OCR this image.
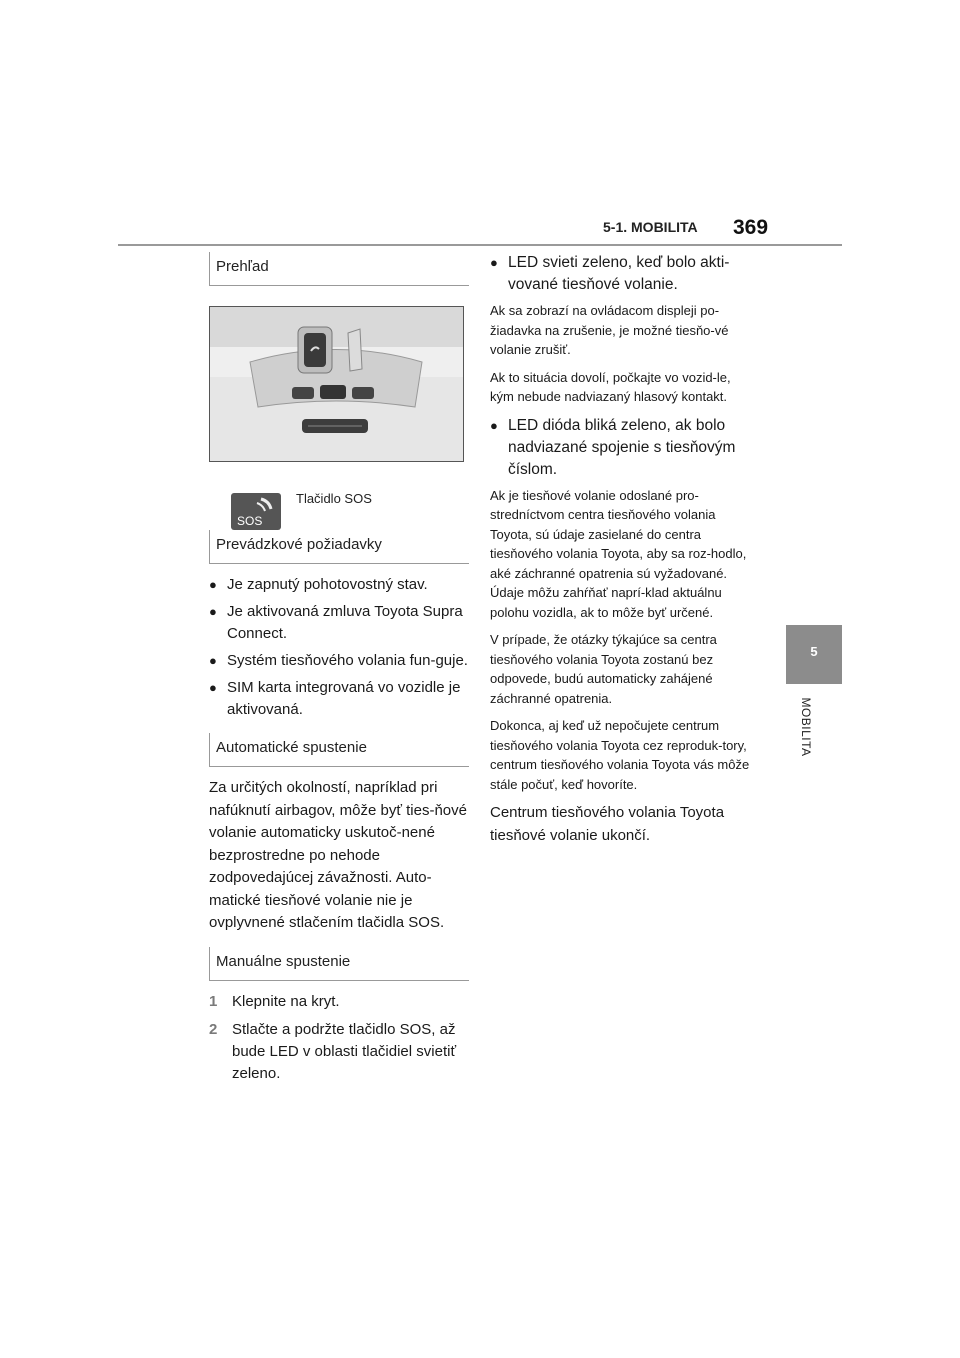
5-1. MOBILITA 369
5
MOBILITA
Prehľad
SOS
Tlačidlo SOS
Prevádzkové požiadavky
● Je zapnutý pohotovostný stav.
● Je aktivovaná zmluva Toyota Supra Connect.
● Systém tiesňového volania fun-guje.
● SIM karta integrovaná vo vozidle je aktivovaná.
Automatické spustenie

Za určitých okolností, napríklad pri nafúknutí airbagov, môže byť ties-ňové volanie automaticky uskutoč-nené bezprostredne po nehode zodpovedajúcej závažnosti. Auto-matické tiesňové volanie nie je ovplyvnené stlačením tlačidla SOS.

Manuálne spustenie
1 Klepnite na kryt.
2 Stlačte a podržte tlačidlo SOS, až bude LED v oblasti tlačidiel svietiť zeleno.
● LED svieti zeleno, keď bolo akti-vované tiesňové volanie.

Ak sa zobrazí na ovládacom displeji po-žiadavka na zrušenie, je možné tiesňo-vé volanie zrušiť.

Ak to situácia dovolí, počkajte vo vozid-le, kým nebude nadviazaný hlasový kontakt.

● LED dióda bliká zeleno, ak bolo nadviazané spojenie s tiesňovým číslom.

Ak je tiesňové volanie odoslané pro-stredníctvom centra tiesňového volania Toyota, sú údaje zasielané do centra tiesňového volania Toyota, aby sa roz-hodlo, aké záchranné opatrenia sú vyžadované. Údaje môžu zahŕňať naprí-klad aktuálnu polohu vozidla, ak to môže byť určené.

V prípade, že otázky týkajúce sa centra tiesňového volania Toyota zostanú bez odpovede, budú automaticky zahájené záchranné opatrenia.

Dokonca, aj keď už nepočujete centrum tiesňového volania Toyota cez reproduk-tory, centrum tiesňového volania Toyota vás môže stále počuť, keď hovoríte.

Centrum tiesňového volania Toyota tiesňové volanie ukončí.
